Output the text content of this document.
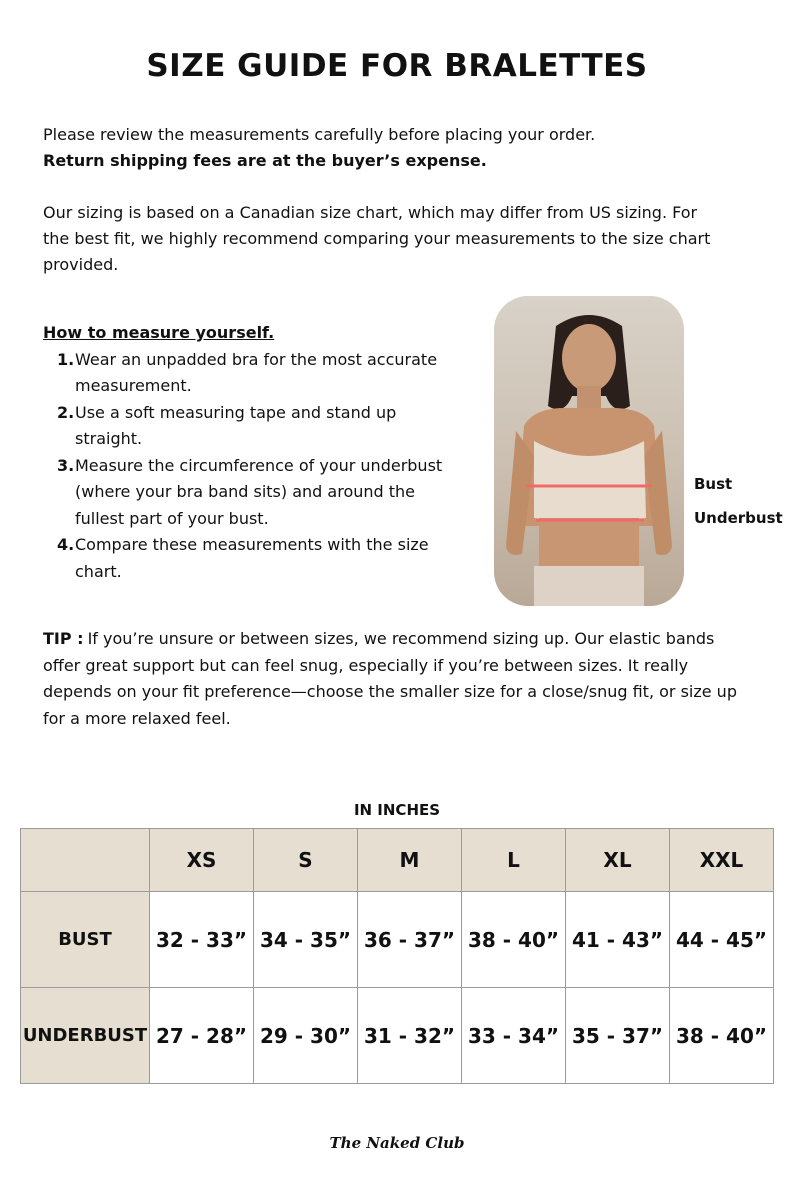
SIZE GUIDE FOR BRALETTES

Please review the measurements carefully before placing your order.

Return shipping fees are at the buyer’s expense.

Our sizing is based on a Canadian size chart, which may differ from US sizing. For the best fit, we highly recommend comparing your measurements to the size chart provided.

How to measure yourself.

1. Wear an unpadded bra for the most accurate measurement.
2. Use a soft measuring tape and stand up straight.
3. Measure the circumference of your underbust (where your bra band sits) and around the fullest part of your bust.
4. Compare these measurements with the size chart.
Bust
Underbust

TIP : If you’re unsure or between sizes, we recommend sizing up. Our elastic bands offer great support but can feel snug, especially if you’re between sizes. It really depends on your fit preference—choose the smaller size for a close/snug fit, or size up for a more relaxed feel.

IN INCHES
	XS	S	M	L	XL	XXL
BUST	32 - 33”	34 - 35”	36 - 37”	38 - 40”	41 - 43”	44 - 45”
UNDERBUST	27 - 28”	29 - 30”	31 - 32”	33 - 34”	35 - 37”	38 - 40”
The Naked Club
